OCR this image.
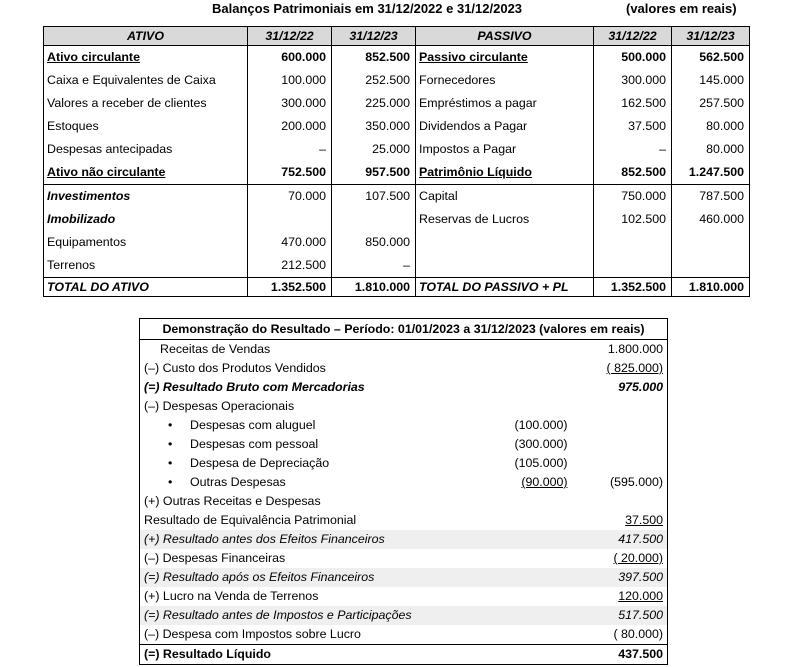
Balanços Patrimoniais em 31/12/2022 e 31/12/2023	(valores em reais)
ATIVO	31/12/22	31/12/23	PASSIVO	31/12/22	31/12/23
Ativo circulante	600.000	852.500	Passivo circulante	500.000	562.500
Caixa e Equivalentes de Caixa	100.000	252.500	Fornecedores	300.000	145.000
Valores a receber de clientes	300.000	225.000	Empréstimos a pagar	162.500	257.500
Estoques	200.000	350.000	Dividendos a Pagar	37.500	80.000
Despesas antecipadas	–	25.000	Impostos a Pagar	–	80.000
Ativo não circulante	752.500	957.500	Patrimônio Líquido	852.500	1.247.500
Investimentos	70.000	107.500	Capital	750.000	787.500
Imobilizado			Reservas de Lucros	102.500	460.000
Equipamentos	470.000	850.000			
Terrenos	212.500	–			
TOTAL DO ATIVO	1.352.500	1.810.000	TOTAL DO PASSIVO + PL	1.352.500	1.810.000
Demonstração do Resultado – Período: 01/01/2023 a 31/12/2023 (valores em reais)		
Receitas de Vendas		1.800.000
(–) Custo dos Produtos Vendidos		( 825.000)
(=) Resultado Bruto com Mercadorias		975.000
(–) Despesas Operacionais		
• Despesas com aluguel	(100.000)	
• Despesas com pessoal	(300.000)	
• Despesa de Depreciação	(105.000)	
• Outras Despesas	(90.000)	(595.000)
(+) Outras Receitas e Despesas		
Resultado de Equivalência Patrimonial		37.500
(+) Resultado antes dos Efeitos Financeiros		417.500
(–) Despesas Financeiras		( 20.000)
(=) Resultado após os Efeitos Financeiros		397.500
(+) Lucro na Venda de Terrenos		120.000
(=) Resultado antes de Impostos e Participações		517.500
(–) Despesa com Impostos sobre Lucro		( 80.000)
(=) Resultado Líquido		437.500
